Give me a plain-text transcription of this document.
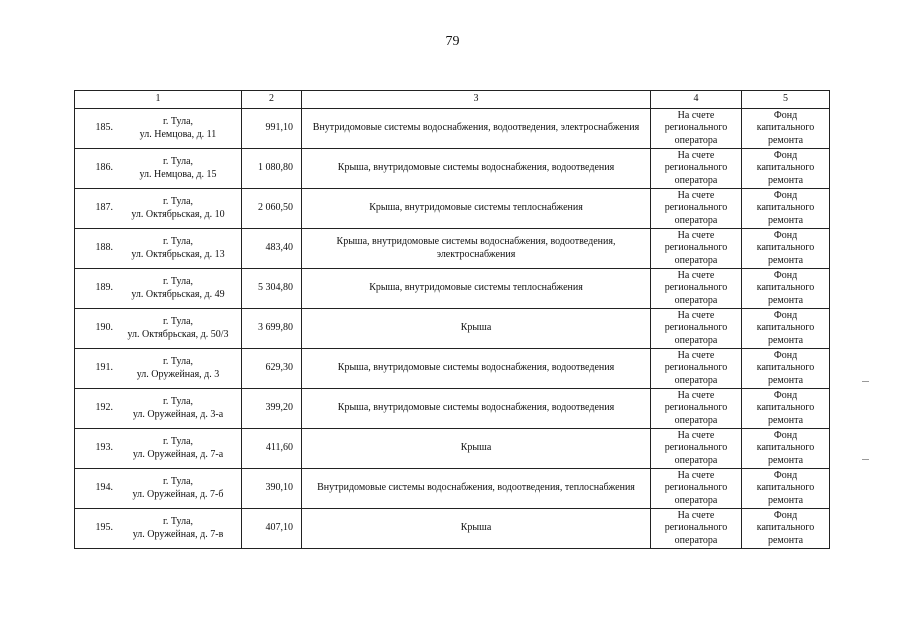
79
1	2	3	4	5

185.
г. Тула,
ул. Немцова, д. 11	991,10	Внутридомовые системы водоснабжения, водоотведения, электроснабжения	На счете регионального оператора	Фонд капитального ремонта

186.
г. Тула,
ул. Немцова, д. 15	1 080,80	Крыша, внутридомовые системы водоснабжения, водоотведения	На счете регионального оператора	Фонд капитального ремонта

187.
г. Тула,
ул. Октябрьская, д. 10	2 060,50	Крыша, внутридомовые системы теплоснабжения	На счете регионального оператора	Фонд капитального ремонта

188.
г. Тула,
ул. Октябрьская, д. 13	483,40	Крыша, внутридомовые системы водоснабжения, водоотведения, электроснабжения	На счете регионального оператора	Фонд капитального ремонта

189.
г. Тула,
ул. Октябрьская, д. 49	5 304,80	Крыша, внутридомовые системы теплоснабжения	На счете регионального оператора	Фонд капитального ремонта

190.
г. Тула,
ул. Октябрьская, д. 50/3	3 699,80	Крыша	На счете регионального оператора	Фонд капитального ремонта

191.
г. Тула,
ул. Оружейная, д. 3	629,30	Крыша, внутридомовые системы водоснабжения, водоотведения	На счете регионального оператора	Фонд капитального ремонта

192.
г. Тула,
ул. Оружейная, д. 3-а	399,20	Крыша, внутридомовые системы водоснабжения, водоотведения	На счете регионального оператора	Фонд капитального ремонта

193.
г. Тула,
ул. Оружейная, д. 7-а	411,60	Крыша	На счете регионального оператора	Фонд капитального ремонта

194.
г. Тула,
ул. Оружейная, д. 7-б	390,10	Внутридомовые системы водоснабжения, водоотведения, теплоснабжения	На счете регионального оператора	Фонд капитального ремонта

195.
г. Тула,
ул. Оружейная, д. 7-в	407,10	Крыша	На счете регионального оператора	Фонд капитального ремонта
